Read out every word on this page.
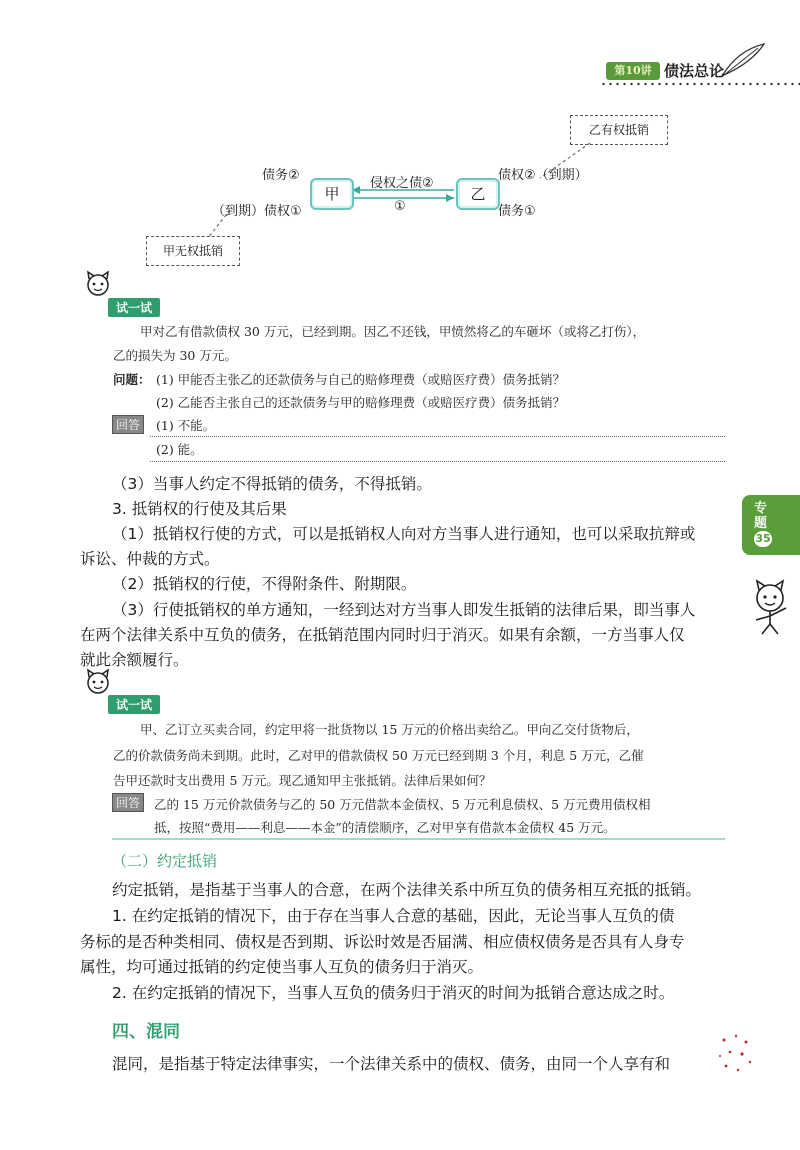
第10讲 债法总论
乙有权抵销
甲	乙
侵权之债②
①
债务②
（到期）债权①
债权②（到期）
债务①
甲无权抵销
试一试
甲对乙有借款债权 30 万元，已经到期。因乙不还钱，甲愤然将乙的车砸坏（或将乙打伤），
乙的损失为 30 万元。
问题： (1) 甲能否主张乙的还款债务与自己的赔修理费（或赔医疗费）债务抵销？
(2) 乙能否主张自己的还款债务与甲的赔修理费（或赔医疗费）债务抵销？
回答	(1) 不能。
(2) 能。
（3）当事人约定不得抵销的债务，不得抵销。
3. 抵销权的行使及其后果
（1）抵销权行使的方式，可以是抵销权人向对方当事人进行通知，也可以采取抗辩或
诉讼、仲裁的方式。
（2）抵销权的行使，不得附条件、附期限。
（3）行使抵销权的单方通知，一经到达对方当事人即发生抵销的法律后果，即当事人
在两个法律关系中互负的债务，在抵销范围内同时归于消灭。如果有余额，一方当事人仅
就此余额履行。
专题
35
试一试
甲、乙订立买卖合同，约定甲将一批货物以 15 万元的价格出卖给乙。甲向乙交付货物后，
乙的价款债务尚未到期。此时，乙对甲的借款债权 50 万元已经到期 3 个月，利息 5 万元，乙催
告甲还款时支出费用 5 万元。现乙通知甲主张抵销。法律后果如何？
回答	乙的 15 万元价款债务与乙的 50 万元借款本金债权、5 万元利息债权、5 万元费用债权相
抵，按照“费用——利息——本金”的清偿顺序，乙对甲享有借款本金债权 45 万元。
（二）约定抵销
约定抵销，是指基于当事人的合意，在两个法律关系中所互负的债务相互充抵的抵销。
1. 在约定抵销的情况下，由于存在当事人合意的基础，因此，无论当事人互负的债
务标的是否种类相同、债权是否到期、诉讼时效是否届满、相应债权债务是否具有人身专
属性，均可通过抵销的约定使当事人互负的债务归于消灭。
2. 在约定抵销的情况下，当事人互负的债务归于消灭的时间为抵销合意达成之时。
四、混同
混同，是指基于特定法律事实，一个法律关系中的债权、债务，由同一个人享有和
